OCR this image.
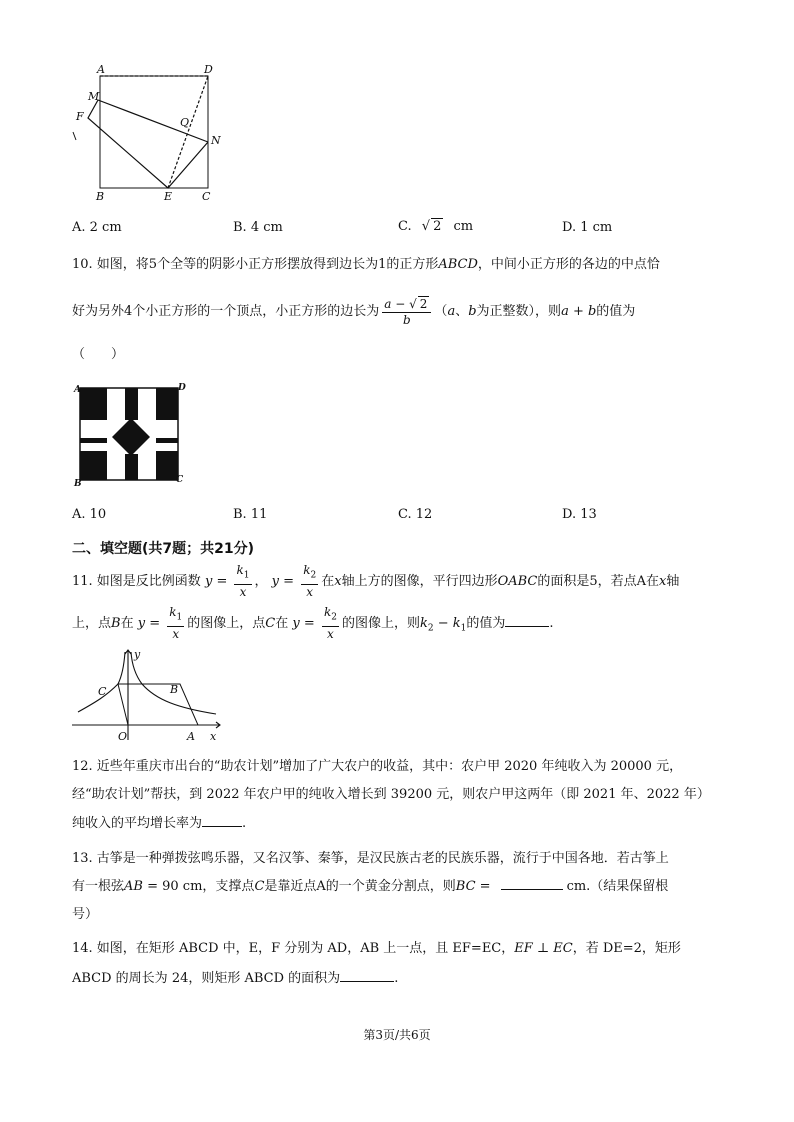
A	D
M
F	Q
N
B	E	C
A. 2 cm	B. 4 cm	C. √ 2 cm	D. 1 cm
10. 如图，将5个全等的阴影小正方形摆放得到边长为1的正方形ABCD，中间小正方形的各边的中点恰
好为另外4个小正方形的一个顶点，小正方形的边长为 $\frac{a - √ 2}{b} (a$、b为正整数），则a + b的值为
（　　）
A	D
B	C
A. 10	B. 11	C. 12	D. 13
二、填空题(共7题；共21分)
11. 如图是反比例函数 $y = \frac{k_1}{x}$ ， $y = \frac{k_2}{x}$ 在x轴上方的图像，平行四边形OABC的面积是5，若点A在x轴
上，点B在 $y = \frac{k_1}{x}$ 的图像上，点C在 $y = \frac{k_2}{x}$ 的图像上，则$k_2 - k_1$的值为	.
y
C	B
O	A x
12. 近些年重庆市出台的“助农计划”增加了广大农户的收益，其中：农户甲 2020 年纯收入为 20000 元，
经“助农计划”帮扶，到 2022 年农户甲的纯收入增长到 39200 元，则农户甲这两年（即 2021 年、2022 年）
纯收入的平均增长率为	.
13. 古筝是一种弹拨弦鸣乐器，又名汉筝、秦筝，是汉民族古老的民族乐器，流行于中国各地．若古筝上
有一根弦AB = 90 cm，支撑点C是靠近点A的一个黄金分割点，则BC =	cm.（结果保留根
号）
14. 如图，在矩形 ABCD 中，E，F 分别为 AD，AB 上一点，且 EF=EC，EF ⊥ EC，若 DE=2，矩形
ABCD 的周长为 24，则矩形 ABCD 的面积为	.
第3页/共6页
